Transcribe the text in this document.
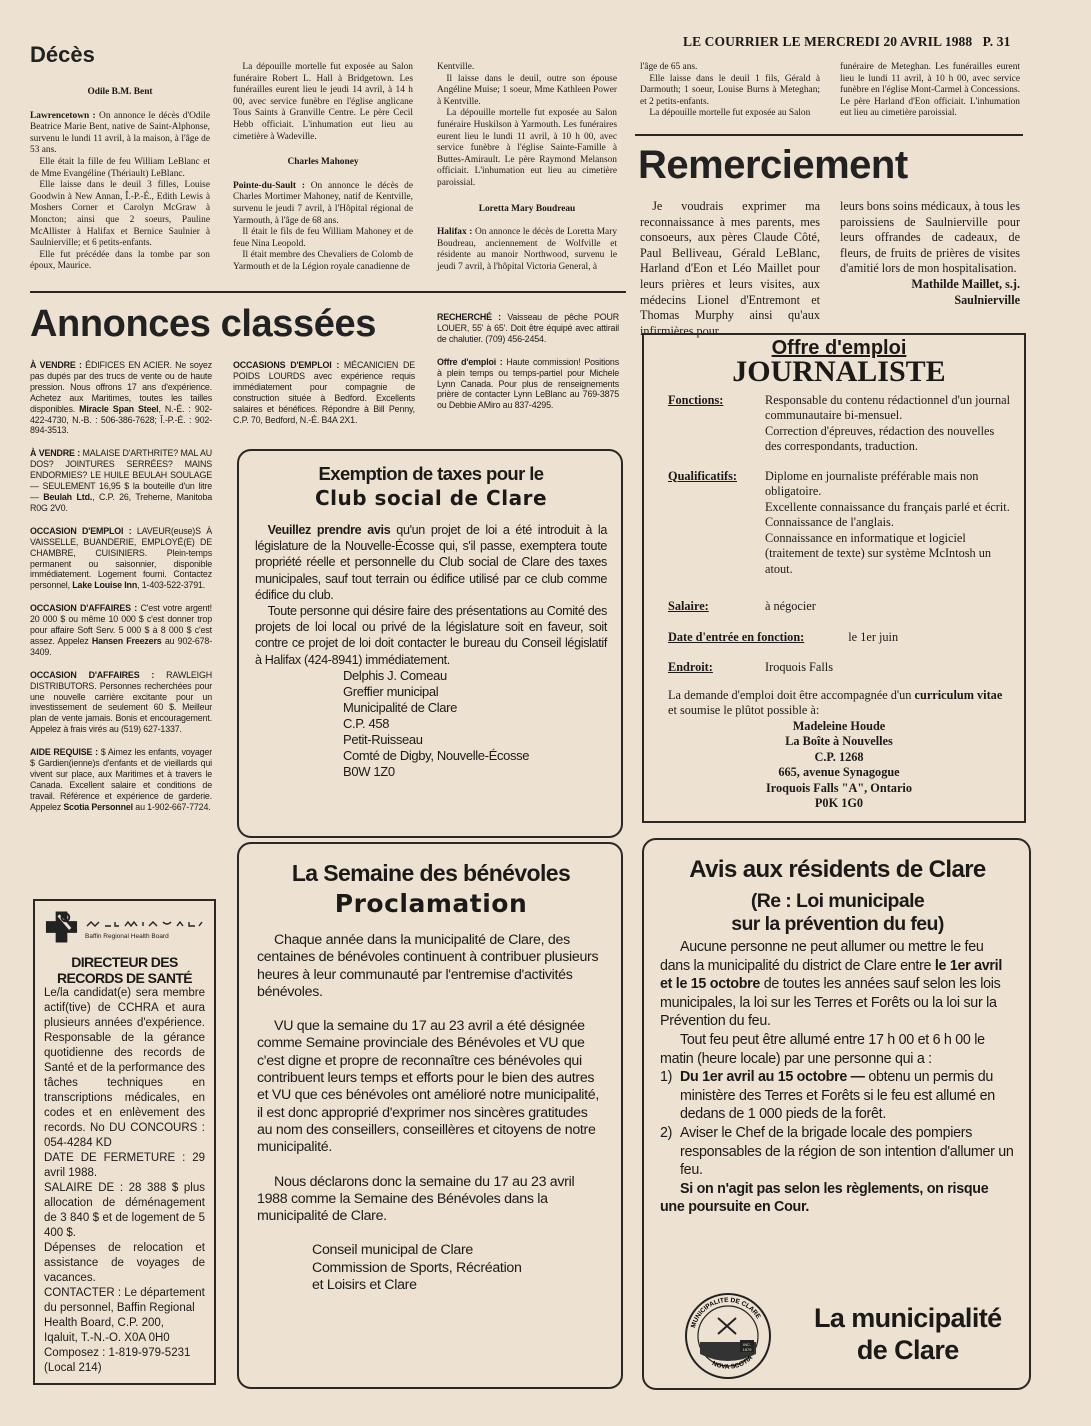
LE COURRIER LE MERCREDI 20 AVRIL 1988   P. 31
Décès

Odile B.M. Bent

Lawrencetown : On annonce le décès d'Odile Beatrice Marie Bent, native de Saint-Alphonse, survenu le lundi 11 avril, à la maison, à l'âge de 53 ans.

Elle était la fille de feu William LeBlanc et de Mme Evangéline (Thériault) LeBlanc.

Elle laisse dans le deuil 3 filles, Louise Goodwin à New Annan, Î.-P.-É., Edith Lewis à Moshers Corner et Carolyn McGraw à Moncton; ainsi que 2 soeurs, Pauline McAllister à Halifax et Bernice Saulnier à Saulnierville; et 6 petits-enfants.

Elle fut précédée dans la tombe par son époux, Maurice.

La dépouille mortelle fut exposée au Salon funéraire Robert L. Hall à Bridgetown. Les funérailles eurent lieu le jeudi 14 avril, à 14 h 00, avec service funèbre en l'église anglicane Tous Saints à Granville Centre. Le père Cecil Hebb officiait. L'inhumation eut lieu au cimetière à Wadeville.

Charles Mahoney

Pointe-du-Sault : On annonce le décès de Charles Mortimer Mahoney, natif de Kentville, survenu le jeudi 7 avril, à l'Hôpital régional de Yarmouth, à l'âge de 68 ans.

Il était le fils de feu William Mahoney et de feue Nina Leopold.

Il était membre des Chevaliers de Colomb de Yarmouth et de la Légion royale canadienne de

Kentville.

Il laisse dans le deuil, outre son épouse Angéline Muise; 1 soeur, Mme Kathleen Power à Kentville.

La dépouille mortelle fut exposée au Salon funéraire Huskilson à Yarmouth. Les funéraires eurent lieu le lundi 11 avril, à 10 h 00, avec service funèbre à l'église Sainte-Famille à Buttes-Amirault. Le père Raymond Melanson officiait. L'inhumation eut lieu au cimetière paroissial.

Loretta Mary Boudreau

Halifax : On annonce le décès de Loretta Mary Boudreau, anciennement de Wolfville et résidente au manoir Northwood, survenu le jeudi 7 avril, à l'hôpital Victoria General, à

l'âge de 65 ans.

Elle laisse dans le deuil 1 fils, Gérald à Darmouth; 1 soeur, Louise Burns à Meteghan; et 2 petits-enfants.

La dépouille mortelle fut exposée au Salon

funéraire de Meteghan. Les funérailles eurent lieu le lundi 11 avril, à 10 h 00, avec service funèbre en l'église Mont-Carmel à Concessions. Le père Harland d'Eon officiait. L'inhumation eut lieu au cimetière paroissial.

Remerciement

Je voudrais exprimer ma reconnaissance à mes parents, mes consoeurs, aux pères Claude Côté, Paul Belliveau, Gérald LeBlanc, Harland d'Eon et Léo Maillet pour leurs prières et leurs visites, aux médecins Lionel d'Entremont et Thomas Murphy ainsi qu'aux infirmières pour

leurs bons soins médicaux, à tous les paroissiens de Saulnierville pour leurs offrandes de cadeaux, de fleurs, de fruits de prières de visites d'amitié lors de mon hospitalisation.

Mathilde Maillet, s.j.
Saulnierville
Annonces classées

À VENDRE : ÉDIFICES EN ACIER. Ne soyez pas dupés par des trucs de vente ou de haute pression. Nous offrons 17 ans d'expérience. Achetez aux Maritimes, toutes les tailles disponibles. Miracle Span Steel, N.-É. : 902-422-4730, N.-B. : 506-386-7628; Î.-P.-É. : 902-894-3513.

À VENDRE : MALAISE D'ARTHRITE? MAL AU DOS? JOINTURES SERRÉES? MAINS ENDORMIES? LE HUILE BEULAH SOULAGE — SEULEMENT 16,95 $ la bouteille d'un litre — Beulah Ltd., C.P. 26, Treherne, Manitoba R0G 2V0.

OCCASION D'EMPLOI : LAVEUR(euse)S À VAISSELLE, BUANDERIE, EMPLOYÉ(E) DE CHAMBRE, CUISINIERS. Plein-temps permanent ou saisonnier, disponible immédiatement. Logement fourni. Contactez personnel, Lake Louise Inn, 1-403-522-3791.

OCCASION D'AFFAIRES : C'est votre argent! 20 000 $ ou même 10 000 $ c'est donner trop pour affaire Soft Serv. 5 000 $ à 8 000 $ c'est assez. Appelez Hansen Freezers au 902-678-3409.

OCCASION D'AFFAIRES : RAWLEIGH DISTRIBUTORS. Personnes recherchées pour une nouvelle carrière excitante pour un investissement de seulement 60 $. Meilleur plan de vente jamais. Bonis et encouragement. Appelez à frais virés au (519) 627-1337.

AIDE REQUISE : $ Aimez les enfants, voyager $ Gardien(ienne)s d'enfants et de vieillards qui vivent sur place, aux Maritimes et à travers le Canada. Excellent salaire et conditions de travail. Référence et expérience de garderie. Appelez Scotia Personnel au 1-902-667-7724.

OCCASIONS D'EMPLOI : MÉCANICIEN DE POIDS LOURDS avec expérience requis immédiatement pour compagnie de construction située à Bedford. Excellents salaires et bénéfices. Répondre à Bill Penny, C.P. 70, Bedford, N.-É. B4A 2X1.

RECHERCHÉ : Vaisseau de pêche POUR LOUER, 55' à 65'. Doit être équipé avec attirail de chalutier. (709) 456-2454.

Offre d'emploi : Haute commission! Positions à plein temps ou temps-partiel pour Michele Lynn Canada. Pour plus de renseignements prière de contacter Lynn LeBlanc au 769-3875 ou Debbie AMiro au 837-4295.

Baffin Regional Health Board
DIRECTEUR DES
RECORDS DE SANTÉ
Le/la candidat(e) sera membre actif(tive) de CCHRA et aura plusieurs années d'expérience. Responsable de la gérance quotidienne des records de Santé et de la performance des tâches techniques en transcriptions médicales, en codes et en enlèvement des records. No DU CONCOURS : 054-4284 KD
DATE DE FERMETURE : 29 avril 1988.
SALAIRE DE : 28 388 $ plus allocation de déménagement de 3 840 $ et de logement de 5 400 $.
Dépenses de relocation et assistance de voyages de vacances.
CONTACTER : Le département du personnel, Baffin Regional Health Board, C.P. 200,
Iqaluit, T.-N.-O. X0A 0H0
Composez : 1-819-979-5231
(Local 214)
Exemption de taxes pour le
Club social de Clare

Veuillez prendre avis qu'un projet de loi a été introduit à la législature de la Nouvelle-Écosse qui, s'il passe, exemptera toute propriété réelle et personnelle du Club social de Clare des taxes municipales, sauf tout terrain ou édifice utilisé par ce club comme édifice du club.

Toute personne qui désire faire des présentations au Comité des projets de loi local ou privé de la législature soit en faveur, soit contre ce projet de loi doit contacter le bureau du Conseil législatif à Halifax (424-8941) immédiatement.

Delphis J. Comeau
Greffier municipal
Municipalité de Clare
C.P. 458
Petit-Ruisseau
Comté de Digby, Nouvelle-Écosse
B0W 1Z0
La Semaine des bénévoles
Proclamation

Chaque année dans la municipalité de Clare, des centaines de bénévoles continuent à contribuer plusieurs heures à leur communauté par l'entremise d'activités bénévoles.

VU que la semaine du 17 au 23 avril a été désignée comme Semaine provinciale des Bénévoles et VU que c'est digne et propre de reconnaître ces bénévoles qui contribuent leurs temps et efforts pour le bien des autres et VU que ces bénévoles ont amélioré notre municipalité, il est donc approprié d'exprimer nos sincères gratitudes au nom des conseillers, conseillères et citoyens de notre municipalité.

Nous déclarons donc la semaine du 17 au 23 avril 1988 comme la Semaine des Bénévoles dans la municipalité de Clare.

Conseil municipal de Clare
Commission de Sports, Récréation
et Loisirs et Clare
Offre d'emploi
JOURNALISTE
Fonctions:	Responsable du contenu rédactionnel d'un journal communautaire bi-mensuel.
Correction d'épreuves, rédaction des nouvelles des correspondants, traduction.
Qualificatifs:	Diplome en journaliste préférable mais non obligatoire.
Excellente connaissance du français parlé et écrit. Connaissance de l'anglais.
Connaissance en informatique et logiciel (traitement de texte) sur système McIntosh un atout.
Salaire:	à négocier
Date d'entrée en fonction:	le 1er juin
Endroit:	Iroquois Falls
La demande d'emploi doit être accompagnée d'un curriculum vitae et soumise le plûtot possible à:
Madeleine Houde
La Boîte à Nouvelles
C.P. 1268
665, avenue Synagogue
Iroquois Falls "A", Ontario
P0K 1G0
Avis aux résidents de Clare
(Re : Loi municipale
sur la prévention du feu)

Aucune personne ne peut allumer ou mettre le feu dans la municipalité du district de Clare entre le 1er avril et le 15 octobre de toutes les années sauf selon les lois municipales, la loi sur les Terres et Forêts ou la loi sur la Prévention du feu.

Tout feu peut être allumé entre 17 h 00 et 6 h 00 le matin (heure locale) par une personne qui a :

1) Du 1er avril au 15 octobre — obtenu un permis du ministère des Terres et Forêts si le feu est allumé en dedans de 1 000 pieds de la forêt.
2) Aviser le Chef de la brigade locale des pompiers responsables de la région de son intention d'allumer un feu.

Si on n'agit pas selon les règlements, on risque une poursuite en Cour.

INC.
1879
MUNICIPALITE DE CLARE
NOVA SCOTIA
La municipalité
de Clare
